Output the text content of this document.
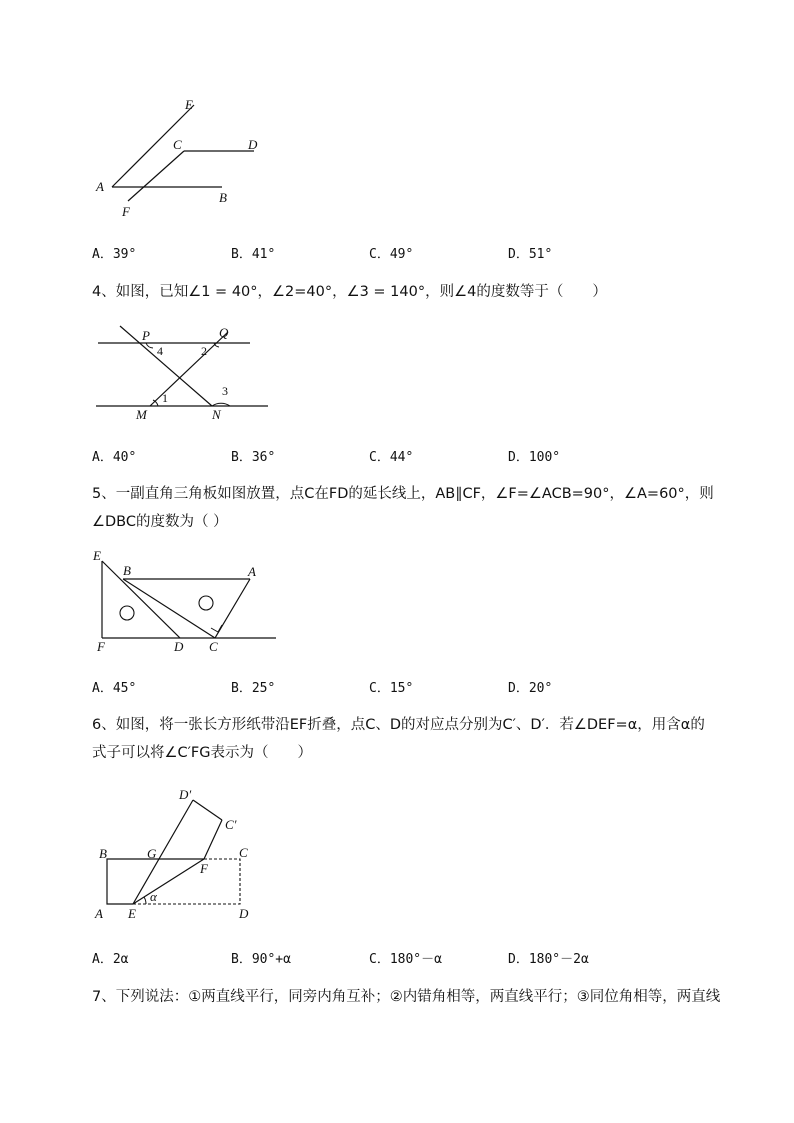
E
C	D
A
B
F
A．39°	B．41°	C．49°	D．51°

4、如图，已知∠1 = 40°，∠2=40°，∠3 = 140°，则∠4的度数等于（　　）

P	Q
M	N
1
2
3
4
A．40°	B．36°	C．44°	D．100°

5、一副直角三角板如图放置，点C在FD的延长线上，AB∥CF，∠F=∠ACB=90°，∠A=60°，则

∠DBC的度数为（ ）

E
B	A
F	D C
A．45°	B．25°	C．15°	D．20°

6、如图，将一张长方形纸带沿EF折叠，点C、D的对应点分别为C′、D′．若∠DEF=α，用含α的

式子可以将∠C′FG表示为（　　）

D′
C′
B	G	C
F
A E	D
α
A．2α	B．90°+α	C．180°－α	D．180°－2α

7、下列说法：①两直线平行，同旁内角互补；②内错角相等，两直线平行；③同位角相等，两直线
